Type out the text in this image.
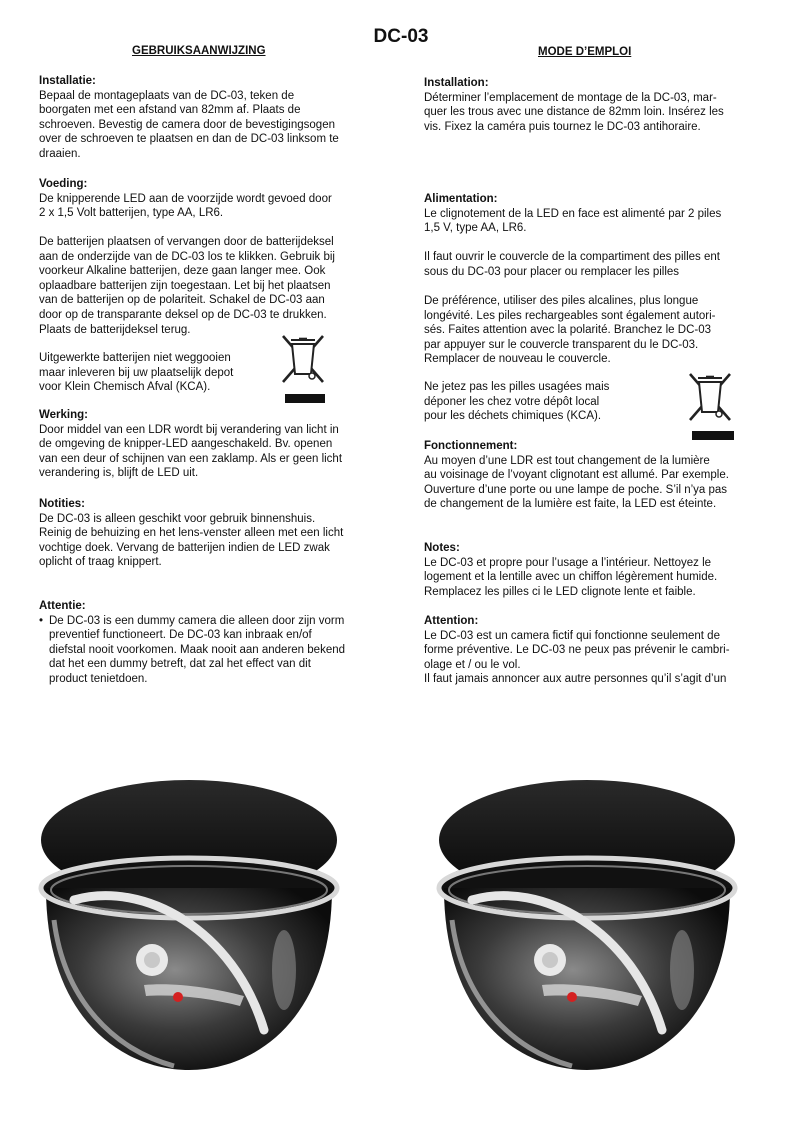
DC-03
GEBRUIKSAANWIJZING	MODE D’EMPLOI

Installatie:

Bepaal de montageplaats van de DC-03, teken de
boorgaten met een afstand van 82mm af. Plaats de
schroeven. Bevestig de camera door de bevestigingsogen
over de schroeven te plaatsen en dan de DC-03 linksom te
draaien.

Voeding:

De knipperende LED aan de voorzijde wordt gevoed door
2 x 1,5 Volt batterijen, type AA, LR6.

De batterijen plaatsen of vervangen door de batterijdeksel
aan de onderzijde van de DC-03 los te klikken. Gebruik bij
voorkeur Alkaline batterijen, deze gaan langer mee. Ook
oplaadbare batterijen zijn toegestaan. Let bij het plaatsen
van de batterijen op de polariteit. Schakel de DC-03 aan
door op de transparante deksel op de DC-03 te drukken.
Plaats de batterijdeksel terug.

Uitgewerkte batterijen niet weggooien
maar inleveren bij uw plaatselijk depot
voor Klein Chemisch Afval (KCA).

Werking:

Door middel van een LDR wordt bij verandering van licht in
de omgeving de knipper-LED aangeschakeld. Bv. openen
van een deur of schijnen van een zaklamp. Als er geen licht
verandering is, blijft de LED uit.

Notities:

De DC-03 is alleen geschikt voor gebruik binnenshuis.
Reinig de behuizing en het lens-venster alleen met een licht
vochtige doek. Vervang de batterijen indien de LED zwak
oplicht of traag knippert.

Attentie:

• De DC-03 is een dummy camera die alleen door zijn vorm
preventief functioneert. De DC-03 kan inbraak en/of
diefstal nooit voorkomen. Maak nooit aan anderen bekend
dat het een dummy betreft, dat zal het effect van dit
product tenietdoen.

Installation:

Déterminer l’emplacement de montage de la DC-03, mar-
quer les trous avec une distance de 82mm loin. Insérez les
vis. Fixez la caméra puis tournez le DC-03 antihoraire.

Alimentation:

Le clignotement de la LED en face est alimenté par 2 piles
1,5 V, type AA, LR6.

Il faut ouvrir le couvercle de la compartiment des pilles ent
sous du DC-03 pour placer ou remplacer les pilles

De préférence, utiliser des piles alcalines, plus longue
longévité. Les piles rechargeables sont également autori-
sés. Faites attention avec la polarité. Branchez le DC-03
par appuyer sur le couvercle transparent du le DC-03.
Remplacer de nouveau le couvercle.

Ne jetez pas les pilles usagées mais
déponer les chez votre dépôt local
pour les déchets chimiques (KCA).

Fonctionnement:

Au moyen d’une LDR est tout changement de la lumière
au voisinage de l’voyant clignotant est allumé. Par exemple.
Ouverture d’une porte ou une lampe de poche. S’il n’ya pas
de changement de la lumière est faite, la LED est éteinte.

Notes:

Le DC-03 et propre pour l’usage a l’intérieur. Nettoyez le
logement et la lentille avec un chiffon légèrement humide.
Remplacez les pilles ci le LED clignote lente et faible.

Attention:

Le DC-03 est un camera fictif qui fonctionne seulement de
forme préventive. Le DC-03 ne peux pas prévenir le cambri-
olage et / ou le vol.
Il faut jamais annoncer aux autre personnes qu’il s’agit d’un
